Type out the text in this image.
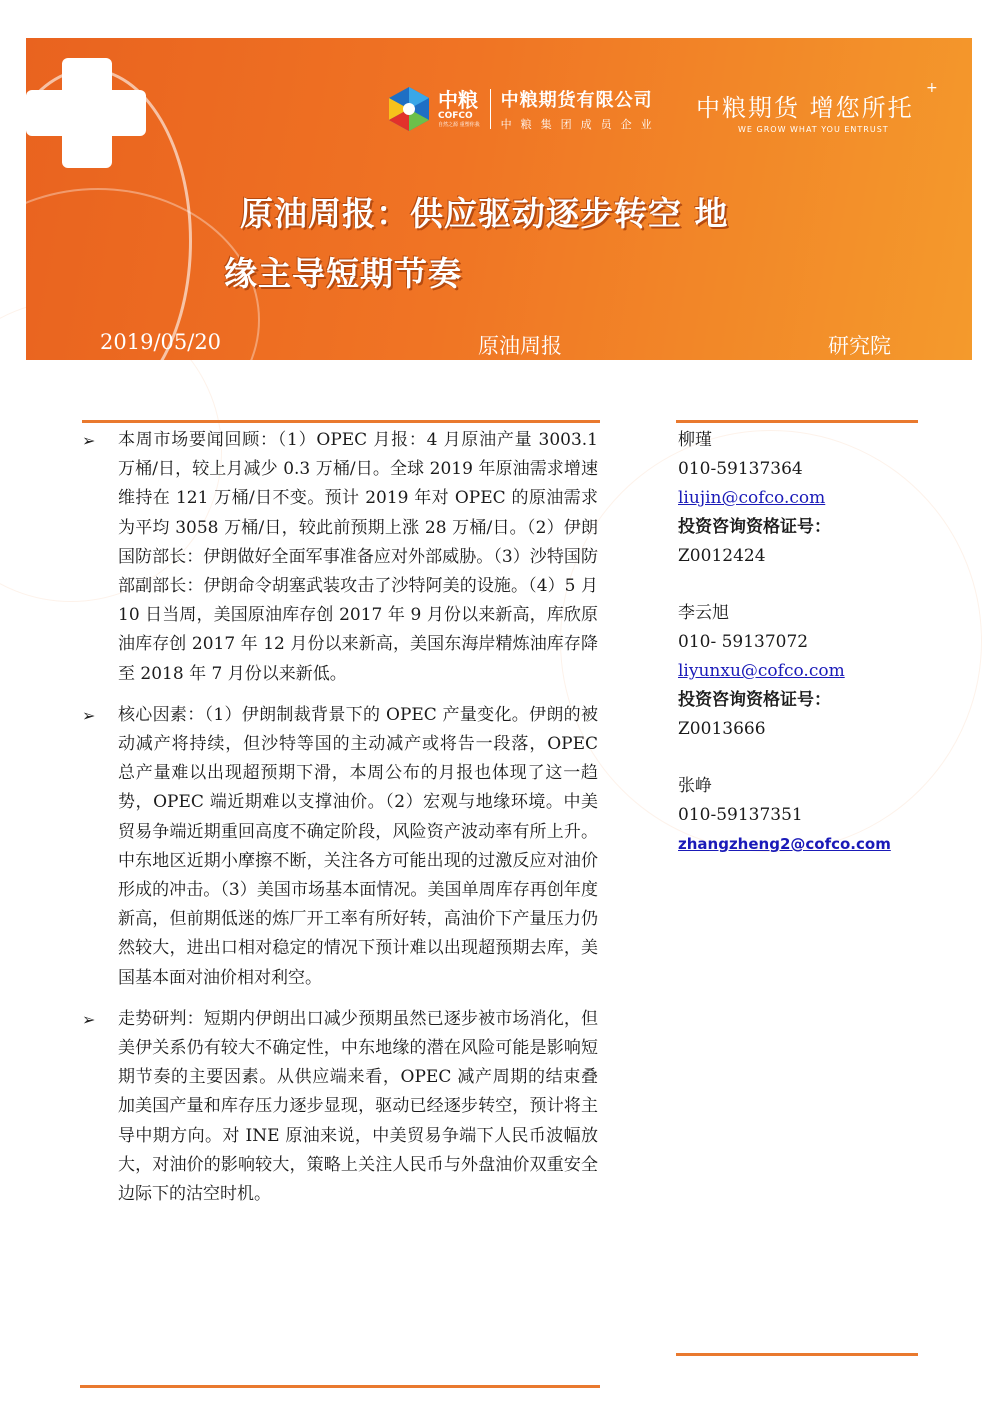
中粮
COFCO
自然之源 重塑你我
中粮期货有限公司
中粮集团成员企业
中粮期货 增您所托
+
WE GROW WHAT YOU ENTRUST
原油周报：供应驱动逐步转空 地
缘主导短期节奏
2019/05/20	原油周报	研究院
➢ 本周市场要闻回顾：（1）OPEC 月报：4 月原油产量 3003.1 万桶/日，较上月减少 0.3 万桶/日。全球 2019 年原油需求增速维持在 121 万桶/日不变。预计 2019 年对 OPEC 的原油需求为平均 3058 万桶/日，较此前预期上涨 28 万桶/日。（2）伊朗国防部长：伊朗做好全面军事准备应对外部威胁。（3）沙特国防部副部长：伊朗命令胡塞武装攻击了沙特阿美的设施。（4）5 月 10 日当周，美国原油库存创 2017 年 9 月份以来新高，库欣原油库存创 2017 年 12 月份以来新高，美国东海岸精炼油库存降至 2018 年 7 月份以来新低。
➢ 核心因素：（1）伊朗制裁背景下的 OPEC 产量变化。伊朗的被动减产将持续，但沙特等国的主动减产或将告一段落，OPEC 总产量难以出现超预期下滑，本周公布的月报也体现了这一趋势，OPEC 端近期难以支撑油价。（2）宏观与地缘环境。中美贸易争端近期重回高度不确定阶段，风险资产波动率有所上升。中东地区近期小摩擦不断，关注各方可能出现的过激反应对油价形成的冲击。（3）美国市场基本面情况。美国单周库存再创年度新高，但前期低迷的炼厂开工率有所好转，高油价下产量压力仍然较大，进出口相对稳定的情况下预计难以出现超预期去库，美国基本面对油价相对利空。
➢ 走势研判：短期内伊朗出口减少预期虽然已逐步被市场消化，但美伊关系仍有较大不确定性，中东地缘的潜在风险可能是影响短期节奏的主要因素。从供应端来看，OPEC 减产周期的结束叠加美国产量和库存压力逐步显现，驱动已经逐步转空，预计将主导中期方向。对 INE 原油来说，中美贸易争端下人民币波幅放大，对油价的影响较大，策略上关注人民币与外盘油价双重安全边际下的沽空时机。
柳瑾
010-59137364
liujin@cofco.com
投资咨询资格证号：
Z0012424
李云旭
010- 59137072
liyunxu@cofco.com
投资咨询资格证号：
Z0013666
张峥
010-59137351
zhangzheng2@cofco.com
